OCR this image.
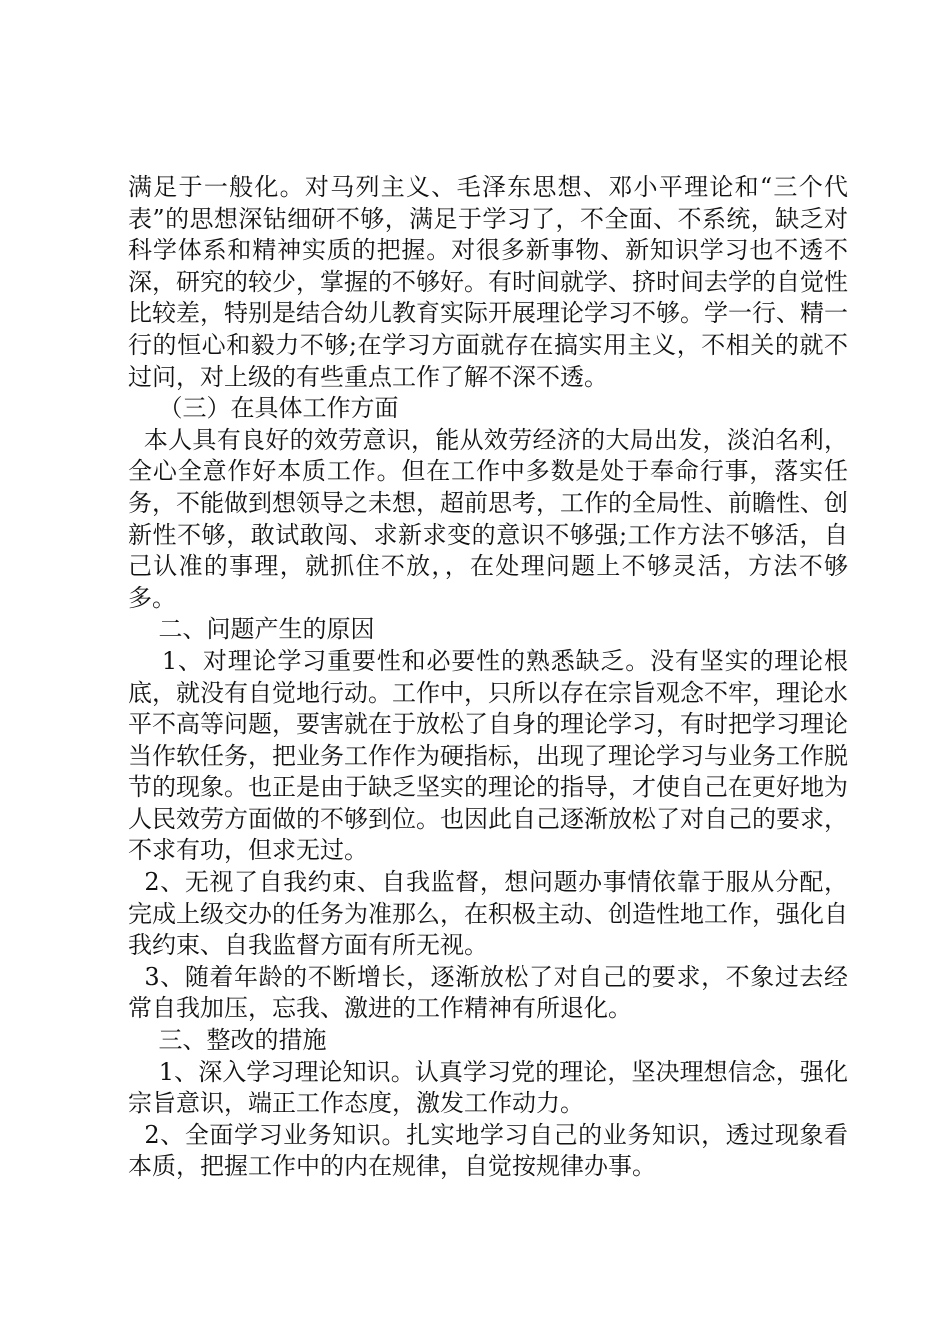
满足于一般化。对马列主义、毛泽东思想、邓小平理论和“三个代表”的思想深钻细研不够，满足于学习了，不全面、不系统，缺乏对科学体系和精神实质的把握。对很多新事物、新知识学习也不透不深，研究的较少，掌握的不够好。有时间就学、挤时间去学的自觉性比较差，特别是结合幼儿教育实际开展理论学习不够。学一行、精一行的恒心和毅力不够;在学习方面就存在搞实用主义，不相关的就不过问，对上级的有些重点工作了解不深不透。

（三）在具体工作方面

本人具有良好的效劳意识，能从效劳经济的大局出发，淡泊名利，全心全意作好本质工作。但在工作中多数是处于奉命行事，落实任务，不能做到想领导之未想，超前思考，工作的全局性、前瞻性、创新性不够，敢试敢闯、求新求变的意识不够强;工作方法不够活，自己认准的事理，就抓住不放，，在处理问题上不够灵活，方法不够多。

二、问题产生的原因

1、对理论学习重要性和必要性的熟悉缺乏。没有坚实的理论根底，就没有自觉地行动。工作中，只所以存在宗旨观念不牢，理论水平不高等问题，要害就在于放松了自身的理论学习，有时把学习理论当作软任务，把业务工作作为硬指标，出现了理论学习与业务工作脱节的现象。也正是由于缺乏坚实的理论的指导，才使自己在更好地为人民效劳方面做的不够到位。也因此自己逐渐放松了对自己的要求，不求有功，但求无过。

2、无视了自我约束、自我监督，想问题办事情依靠于服从分配，完成上级交办的任务为准那么，在积极主动、创造性地工作，强化自我约束、自我监督方面有所无视。

3、随着年龄的不断增长，逐渐放松了对自己的要求，不象过去经常自我加压，忘我、激进的工作精神有所退化。

三、整改的措施

1、深入学习理论知识。认真学习党的理论，坚决理想信念，强化宗旨意识，端正工作态度，激发工作动力。

2、全面学习业务知识。扎实地学习自己的业务知识，透过现象看本质，把握工作中的内在规律，自觉按规律办事。
